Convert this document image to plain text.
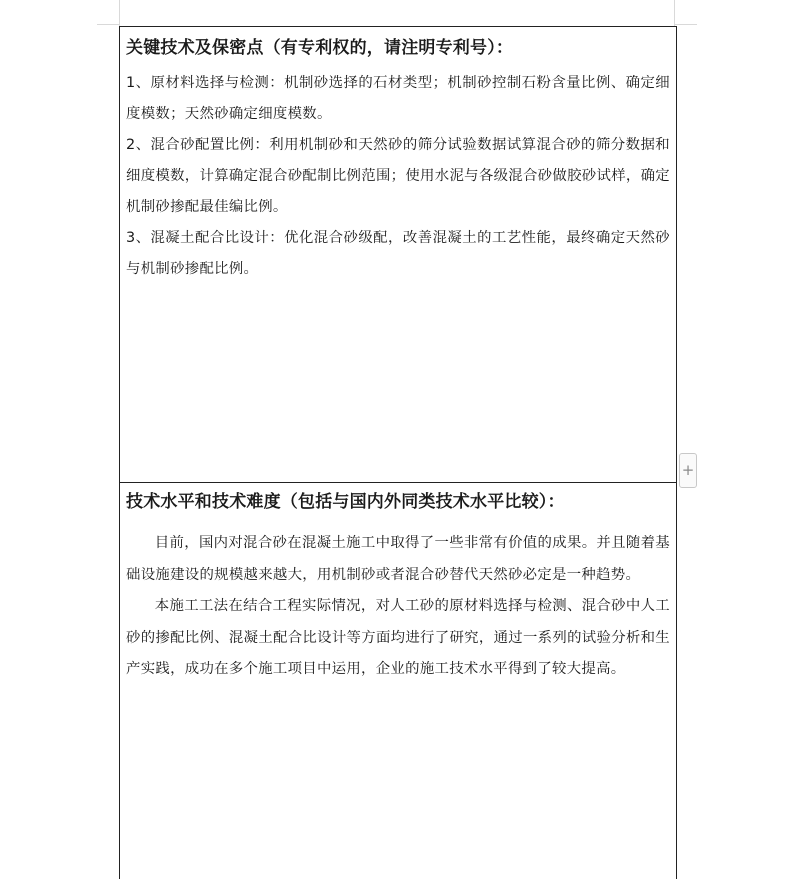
关键技术及保密点（有专利权的，请注明专利号）：

1、原材料选择与检测：机制砂选择的石材类型；机制砂控制石粉含量比例、确定细度模数；天然砂确定细度模数。

2、混合砂配置比例：利用机制砂和天然砂的筛分试验数据试算混合砂的筛分数据和细度模数，计算确定混合砂配制比例范围；使用水泥与各级混合砂做胶砂试样，确定机制砂掺配最佳编比例。

3、混凝土配合比设计：优化混合砂级配，改善混凝土的工艺性能，最终确定天然砂与机制砂掺配比例。

技术水平和技术难度（包括与国内外同类技术水平比较）：

目前，国内对混合砂在混凝土施工中取得了一些非常有价值的成果。并且随着基础设施建设的规模越来越大，用机制砂或者混合砂替代天然砂必定是一种趋势。

本施工工法在结合工程实际情况，对人工砂的原材料选择与检测、混合砂中人工砂的掺配比例、混凝土配合比设计等方面均进行了研究，通过一系列的试验分析和生产实践，成功在多个施工项目中运用，企业的施工技术水平得到了较大提高。

+
